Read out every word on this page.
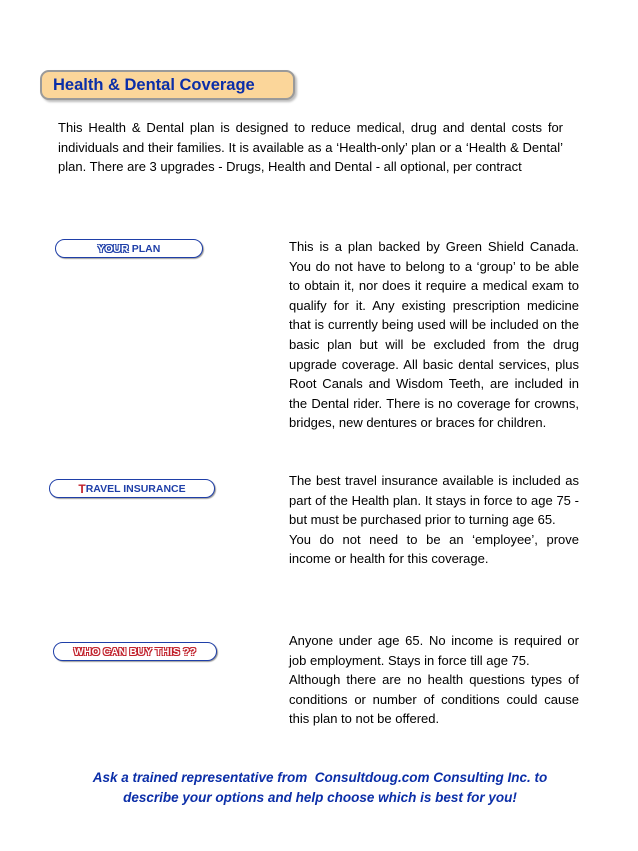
Health & Dental Coverage
This Health & Dental plan is designed to reduce medical, drug and dental costs for individuals and their families. It is available as a ‘Health-only’ plan or a ‘Health & Dental’ plan. There are 3 upgrades - Drugs, Health and Dental - all optional, per contract
YOUR PLAN	This is a plan backed by Green Shield Canada. You do not have to belong to a ‘group’ to be able to obtain it, nor does it require a medical exam to qualify for it. Any existing prescription medicine that is currently being used will be included on the basic plan but will be excluded from the drug upgrade coverage. All basic dental services, plus Root Canals and Wisdom Teeth, are included in the Dental rider. There is no coverage for crowns, bridges, new dentures or braces for children.

T RAVEL INSURANCE

The best travel insurance available is included as part of the Health plan. It stays in force to age 75 - but must be purchased prior to turning age 65.

You do not need to be an ‘employee’, prove income or health for this coverage.

WHO CAN BUY THIS ??

Anyone under age 65. No income is required or job employment. Stays in force till age 75.

Although there are no health questions types of conditions or number of conditions could cause this plan to not be offered.

Ask a trained representative from  Consultdoug.com Consulting Inc. to
describe your options and help choose which is best for you!
